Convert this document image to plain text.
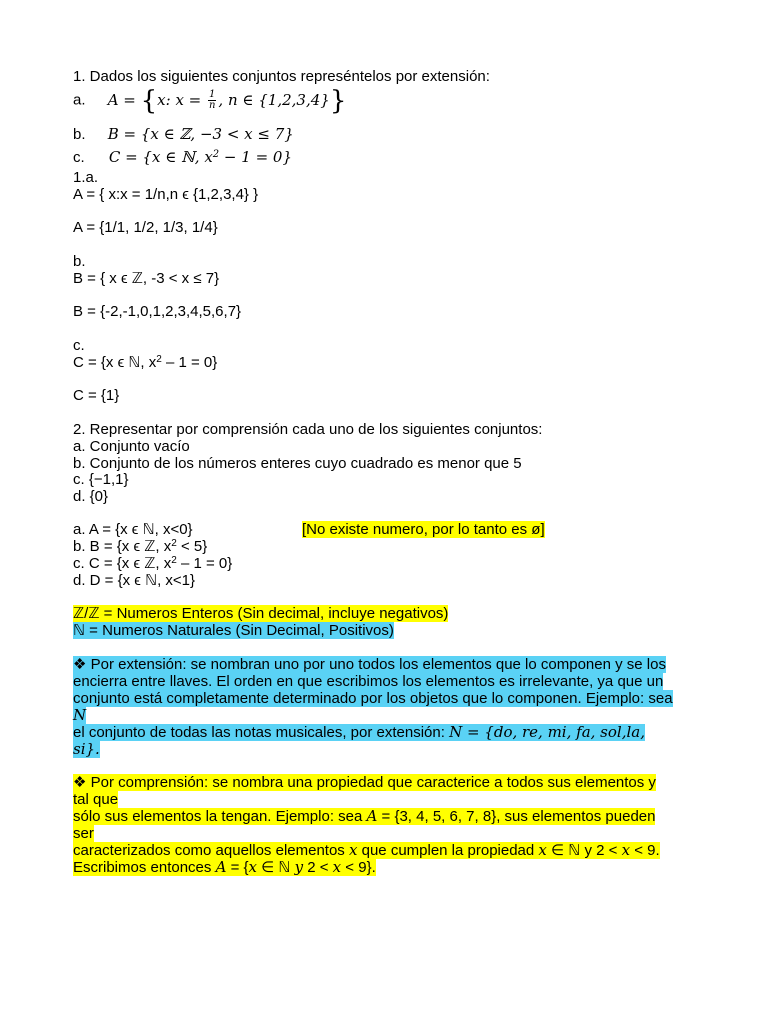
1. Dados los siguientes conjuntos represéntelos por extensión:
a. A = {x: $x = \frac{1}{n}$ , n ∈ {1,2,3,4}}
b. B = {x ∈ ℤ, −3 < x ≤ 7}
c. C = {x ∈ ℕ, $x^2 - 1 = 0$}
1.a.
A = { x:x = 1/n,n ϵ {1,2,3,4} }
A = {1/1, 1/2, 1/3, 1/4}
b.
B = { x ϵ ℤ, -3 < x ≤ 7}
B = {-2,-1,0,1,2,3,4,5,6,7}
c.
C = {x ϵ ℕ, $x^2 - 1 = 0$}
C = {1}
2. Representar por comprensión cada uno de los siguientes conjuntos:
a. Conjunto vacío
b. Conjunto de los números enteres cuyo cuadrado es menor que 5
c. {−1,1}
d. {0}
a. A = {x ϵ ℕ, x<0}	[No existe numero, por lo tanto es ø]
b. B = {x ϵ ℤ, $x^2 < 5$}
c. C = {x ϵ ℤ, $x^2 - 1 = 0$}
d. D = {x ϵ ℕ, x<1}
ℤ/ℤ = Numeros Enteros (Sin decimal, incluye negativos)
ℕ = Numeros Naturales (Sin Decimal, Positivos)
❖ Por extensión: se nombran uno por uno todos los elementos que lo componen y se los
encierra entre llaves. El orden en que escribimos los elementos es irrelevante, ya que un
conjunto está completamente determinado por los objetos que lo componen. Ejemplo: sea
N
el conjunto de todas las notas musicales, por extensión: N = {do, re, mi, fa, sol,la,
si}.
❖ Por comprensión: se nombra una propiedad que caracterice a todos sus elementos y
tal que
sólo sus elementos la tengan. Ejemplo: sea A = {3, 4, 5, 6, 7, 8}, sus elementos pueden
ser
caracterizados como aquellos elementos x que cumplen la propiedad x ∈ ℕ y 2 < x < 9.
Escribimos entonces A = {x ∈ ℕ y 2 < x < 9}.
